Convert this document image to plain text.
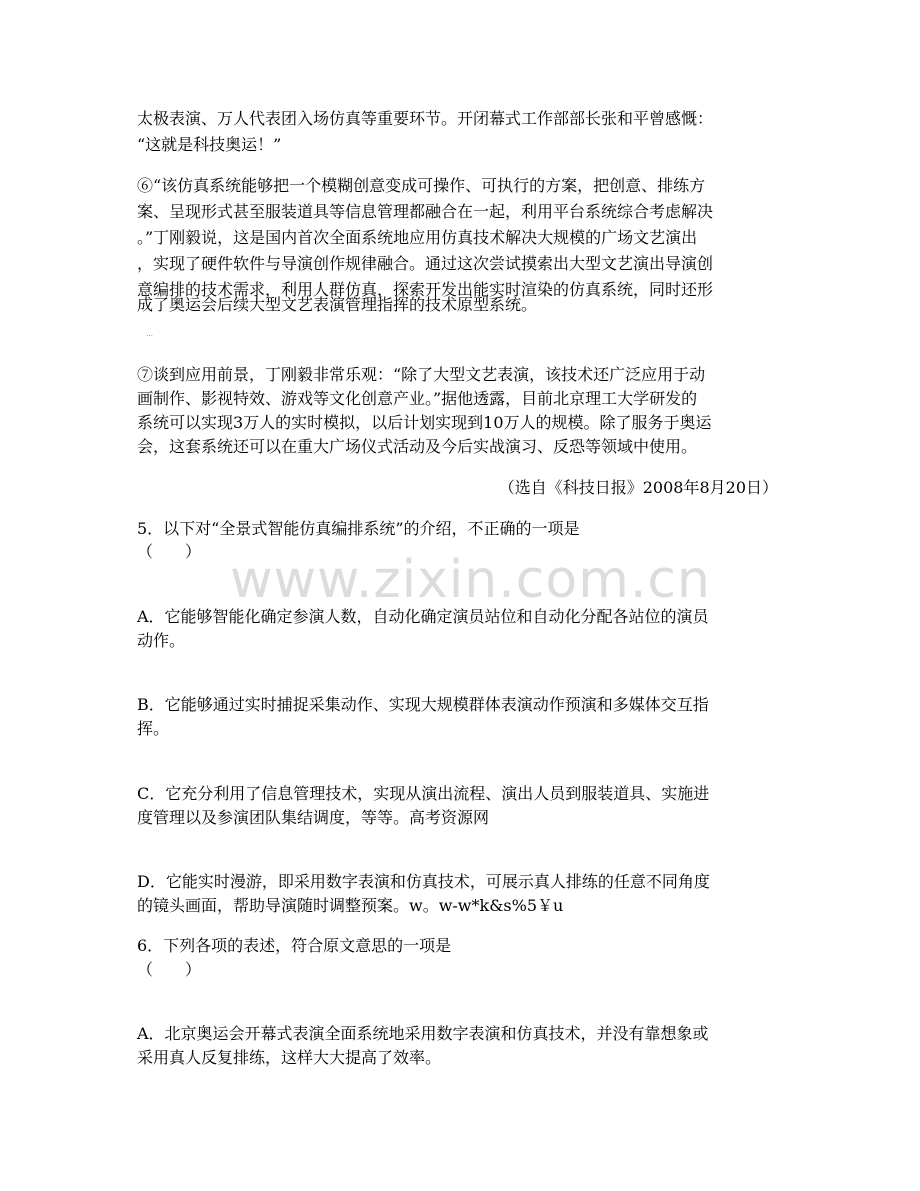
www.zixin.com.cn
太极表演、万人代表团入场仿真等重要环节。开闭幕式工作部部长张和平曾感慨：
“这就是科技奥运！”
⑥“该仿真系统能够把一个模糊创意变成可操作、可执行的方案，把创意、排练方
案、呈现形式甚至服装道具等信息管理都融合在一起，利用平台系统综合考虑解决
。”丁刚毅说，这是国内首次全面系统地应用仿真技术解决大规模的广场文艺演出
，实现了硬件软件与导演创作规律融合。通过这次尝试摸索出大型文艺演出导演创
意编排的技术需求，利用人群仿真，探索开发出能实时渲染的仿真系统，同时还形
成了奥运会后续大型文艺表演管理指挥的技术原型系统。
…
⑦谈到应用前景，丁刚毅非常乐观：“除了大型文艺表演，该技术还广泛应用于动
画制作、影视特效、游戏等文化创意产业。”据他透露，目前北京理工大学研发的
系统可以实现3万人的实时模拟，以后计划实现到10万人的规模。除了服务于奥运
会，这套系统还可以在重大广场仪式活动及今后实战演习、反恐等领域中使用。
（选自《科技日报》2008年8月20日）
5．以下对“全景式智能仿真编排系统”的介绍，不正确的一项是
（　　）
A．它能够智能化确定参演人数，自动化确定演员站位和自动化分配各站位的演员
动作。
B．它能够通过实时捕捉采集动作、实现大规模群体表演动作预演和多媒体交互指
挥。
C．它充分利用了信息管理技术，实现从演出流程、演出人员到服装道具、实施进
度管理以及参演团队集结调度，等等。高考资源网
D．它能实时漫游，即采用数字表演和仿真技术，可展示真人排练的任意不同角度
的镜头画面，帮助导演随时调整预案。w。w-w*k&s%5￥u
6．下列各项的表述，符合原文意思的一项是
（　　）
A．北京奥运会开幕式表演全面系统地采用数字表演和仿真技术，并没有靠想象或
采用真人反复排练，这样大大提高了效率。
